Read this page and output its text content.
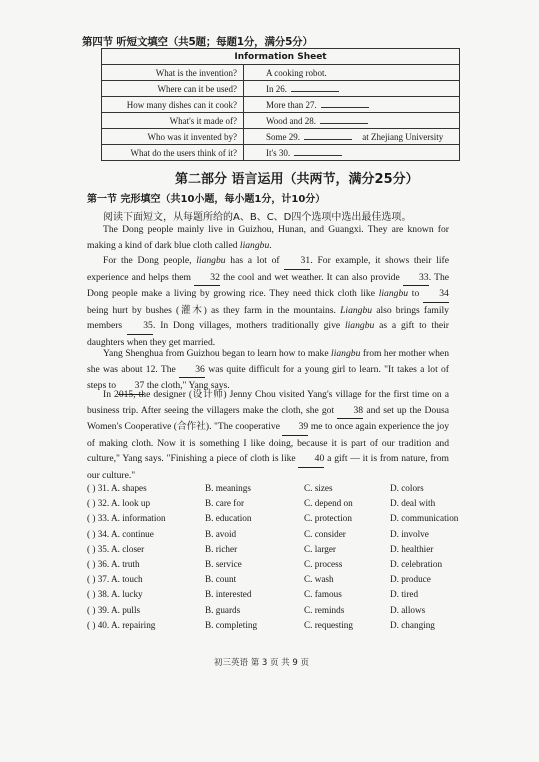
第四节 听短文填空（共5题；每题1分，满分5分）
Information Sheet	
What is the invention?	A cooking robot.
Where can it be used?	In 26.
How many dishes can it cook?	More than 27.
What's it made of?	Wood and 28.
Who was it invented by?	Some 29. at Zhejiang University
What do the users think of it?	It's 30.
第二部分 语言运用（共两节，满分25分）
第一节 完形填空（共10小题，每小题1分，计10分）
阅读下面短文，从每题所给的A、B、C、D四个选项中选出最佳选项。
The Dong people mainly live in Guizhou, Hunan, and Guangxi. They are known for making a kind of dark blue cloth called liangbu.
For the Dong people, liangbu has a lot of 31. For example, it shows their life experience and helps them 32 the cool and wet weather. It can also provide 33. The Dong people make a living by growing rice. They need thick cloth like liangbu to 34 being hurt by bushes (灌木) as they farm in the mountains. Liangbu also brings family members 35. In Dong villages, mothers traditionally give liangbu as a gift to their daughters when they get married.
Yang Shenghua from Guizhou began to learn how to make liangbu from her mother when she was about 12. The 36 was quite difficult for a young girl to learn. "It takes a lot of steps to 37 the cloth," Yang says.
In 2015, the designer (设计师) Jenny Chou visited Yang's village for the first time on a business trip. After seeing the villagers make the cloth, she got 38 and set up the Dousa Women's Cooperative (合作社). "The cooperative 39 me to once again experience the joy of making cloth. Now it is something I like doing, because it is part of our tradition and culture," Yang says. "Finishing a piece of cloth is like 40 a gift — it is from nature, from our culture."
( ) 31. A. shapes	B. meanings	C. sizes	D. colors
( ) 32. A. look up	B. care for	C. depend on	D. deal with
( ) 33. A. information	B. education	C. protection	D. communication
( ) 34. A. continue	B. avoid	C. consider	D. involve
( ) 35. A. closer	B. richer	C. larger	D. healthier
( ) 36. A. truth	B. service	C. process	D. celebration
( ) 37. A. touch	B. count	C. wash	D. produce
( ) 38. A. lucky	B. interested	C. famous	D. tired
( ) 39. A. pulls	B. guards	C. reminds	D. allows
( ) 40. A. repairing	B. completing	C. requesting	D. changing
初三英语 第 3 页 共 9 页
